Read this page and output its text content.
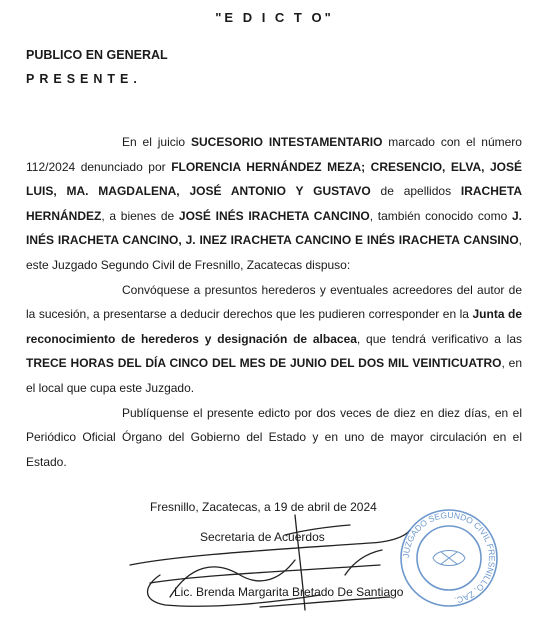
"E D I C T O"
PUBLICO EN GENERAL
PRESENTE.

En el juicio SUCESORIO INTESTAMENTARIO marcado con el número 112/2024 denunciado por FLORENCIA HERNÁNDEZ MEZA; CRESENCIO, ELVA, JOSÉ LUIS, MA. MAGDALENA, JOSÉ ANTONIO Y GUSTAVO de apellidos IRACHETA HERNÁNDEZ, a bienes de JOSÉ INÉS IRACHETA CANCINO, también conocido como J. INÉS IRACHETA CANCINO, J. INEZ IRACHETA CANCINO E INÉS IRACHETA CANSINO, este Juzgado Segundo Civil de Fresnillo, Zacatecas dispuso:

Convóquese a presuntos herederos y eventuales acreedores del autor de la sucesión, a presentarse a deducir derechos que les pudieren corresponder en la Junta de reconocimiento de herederos y designación de albacea, que tendrá verificativo a las TRECE HORAS DEL DÍA CINCO DEL MES DE JUNIO DEL DOS MIL VEINTICUATRO, en el local que cupa este Juzgado.

Publíquense el presente edicto por dos veces de diez en diez días, en el Periódico Oficial Órgano del Gobierno del Estado y en uno de mayor circulación en el Estado.

Fresnillo, Zacatecas, a 19 de abril de 2024
Secretaria de Acuerdos
Lic. Brenda Margarita Bretado De Santiago
JUZGADO SEGUNDO CIVIL FRESNILLO, ZAC.
